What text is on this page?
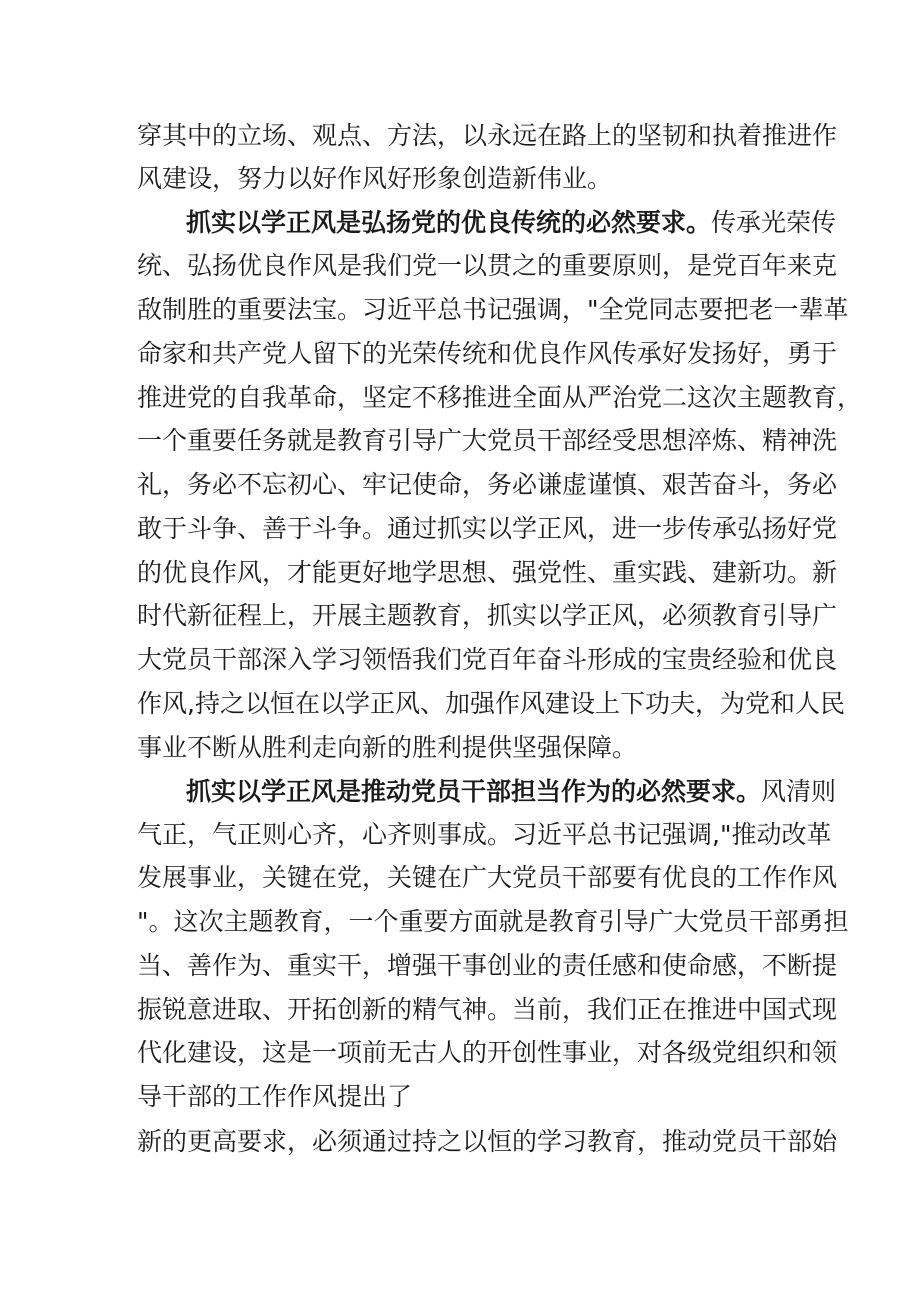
穿其中的立场、观点、方法，以永远在路上的坚韧和执着推进作
风建设，努力以好作风好形象创造新伟业。
抓实以学正风是弘扬党的优良传统的必然要求。传承光荣传
统、弘扬优良作风是我们党一以贯之的重要原则，是党百年来克
敌制胜的重要法宝。习近平总书记强调，"全党同志要把老一辈革
命家和共产党人留下的光荣传统和优良作风传承好发扬好，勇于
推进党的自我革命，坚定不移推进全面从严治党二这次主题教育，
一个重要任务就是教育引导广大党员干部经受思想淬炼、精神洗
礼，务必不忘初心、牢记使命，务必谦虚谨慎、艰苦奋斗，务必
敢于斗争、善于斗争。通过抓实以学正风，进一步传承弘扬好党
的优良作风，才能更好地学思想、强党性、重实践、建新功。新
时代新征程上，开展主题教育，抓实以学正风，必须教育引导广
大党员干部深入学习领悟我们党百年奋斗形成的宝贵经验和优良
作风,持之以恒在以学正风、加强作风建设上下功夫，为党和人民
事业不断从胜利走向新的胜利提供坚强保障。
抓实以学正风是推动党员干部担当作为的必然要求。风清则
气正，气正则心齐，心齐则事成。习近平总书记强调,"推动改革
发展事业，关键在党，关键在广大党员干部要有优良的工作作风
"。这次主题教育，一个重要方面就是教育引导广大党员干部勇担
当、善作为、重实干，增强干事创业的责任感和使命感，不断提
振锐意进取、开拓创新的精气神。当前，我们正在推进中国式现
代化建设，这是一项前无古人的开创性事业，对各级党组织和领
导干部的工作作风提出了
新的更高要求，必须通过持之以恒的学习教育，推动党员干部始
